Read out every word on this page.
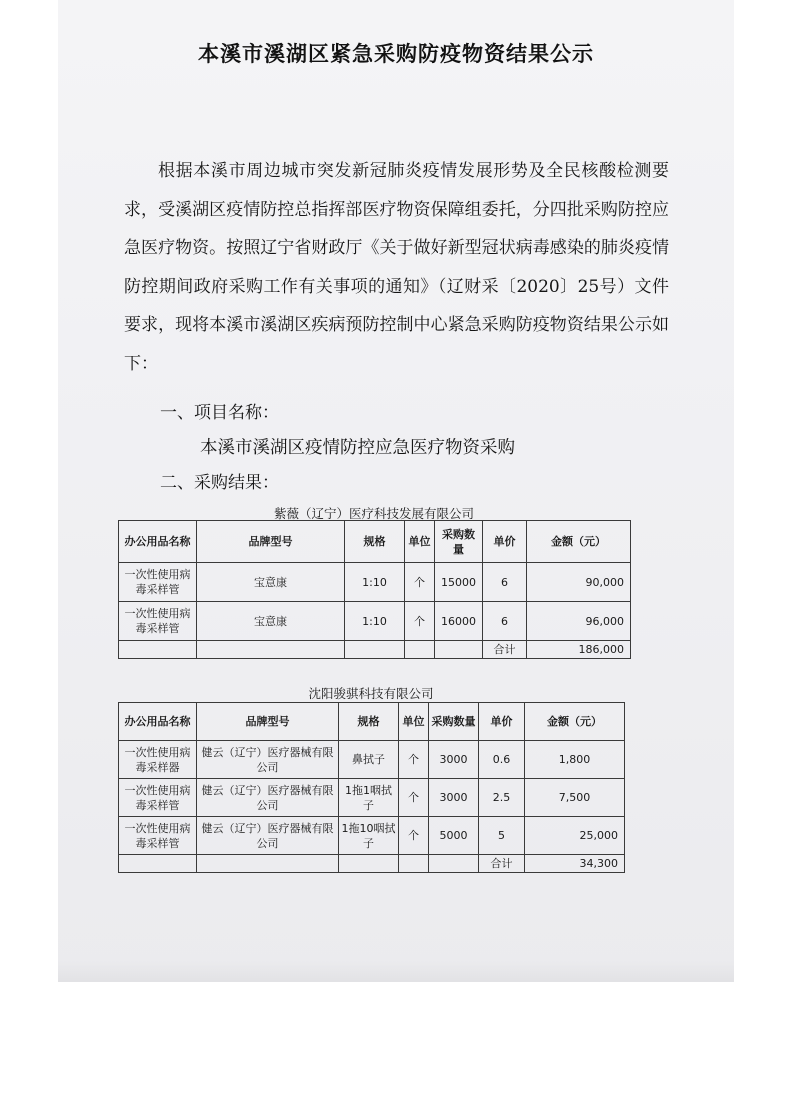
本溪市溪湖区紧急采购防疫物资结果公示

根据本溪市周边城市突发新冠肺炎疫情发展形势及全民核酸检测要求，受溪湖区疫情防控总指挥部医疗物资保障组委托，分四批采购防控应急医疗物资。按照辽宁省财政厅《关于做好新型冠状病毒感染的肺炎疫情防控期间政府采购工作有关事项的通知》（辽财采〔2020〕25号）文件要求，现将本溪市溪湖区疾病预防控制中心紧急采购防疫物资结果公示如下：

一、项目名称：
本溪市溪湖区疫情防控应急医疗物资采购
二、采购结果：
紫薇（辽宁）医疗科技发展有限公司
办公用品名称	品牌型号	规格	单位	采购数量	单价	金额（元）
一次性使用病毒采样管	宝意康	1:10	个	15000	6	90,000
一次性使用病毒采样管	宝意康	1:10	个	16000	6	96,000
					合计	186,000
沈阳骏骐科技有限公司
办公用品名称	品牌型号	规格	单位	采购数量	单价	金额（元）
一次性使用病毒采样器	健云（辽宁）医疗器械有限公司	鼻拭子	个	3000	0.6	1,800
一次性使用病毒采样管	健云（辽宁）医疗器械有限公司	1拖1咽拭子	个	3000	2.5	7,500
一次性使用病毒采样管	健云（辽宁）医疗器械有限公司	1拖10咽拭子	个	5000	5	25,000
					合计	34,300
